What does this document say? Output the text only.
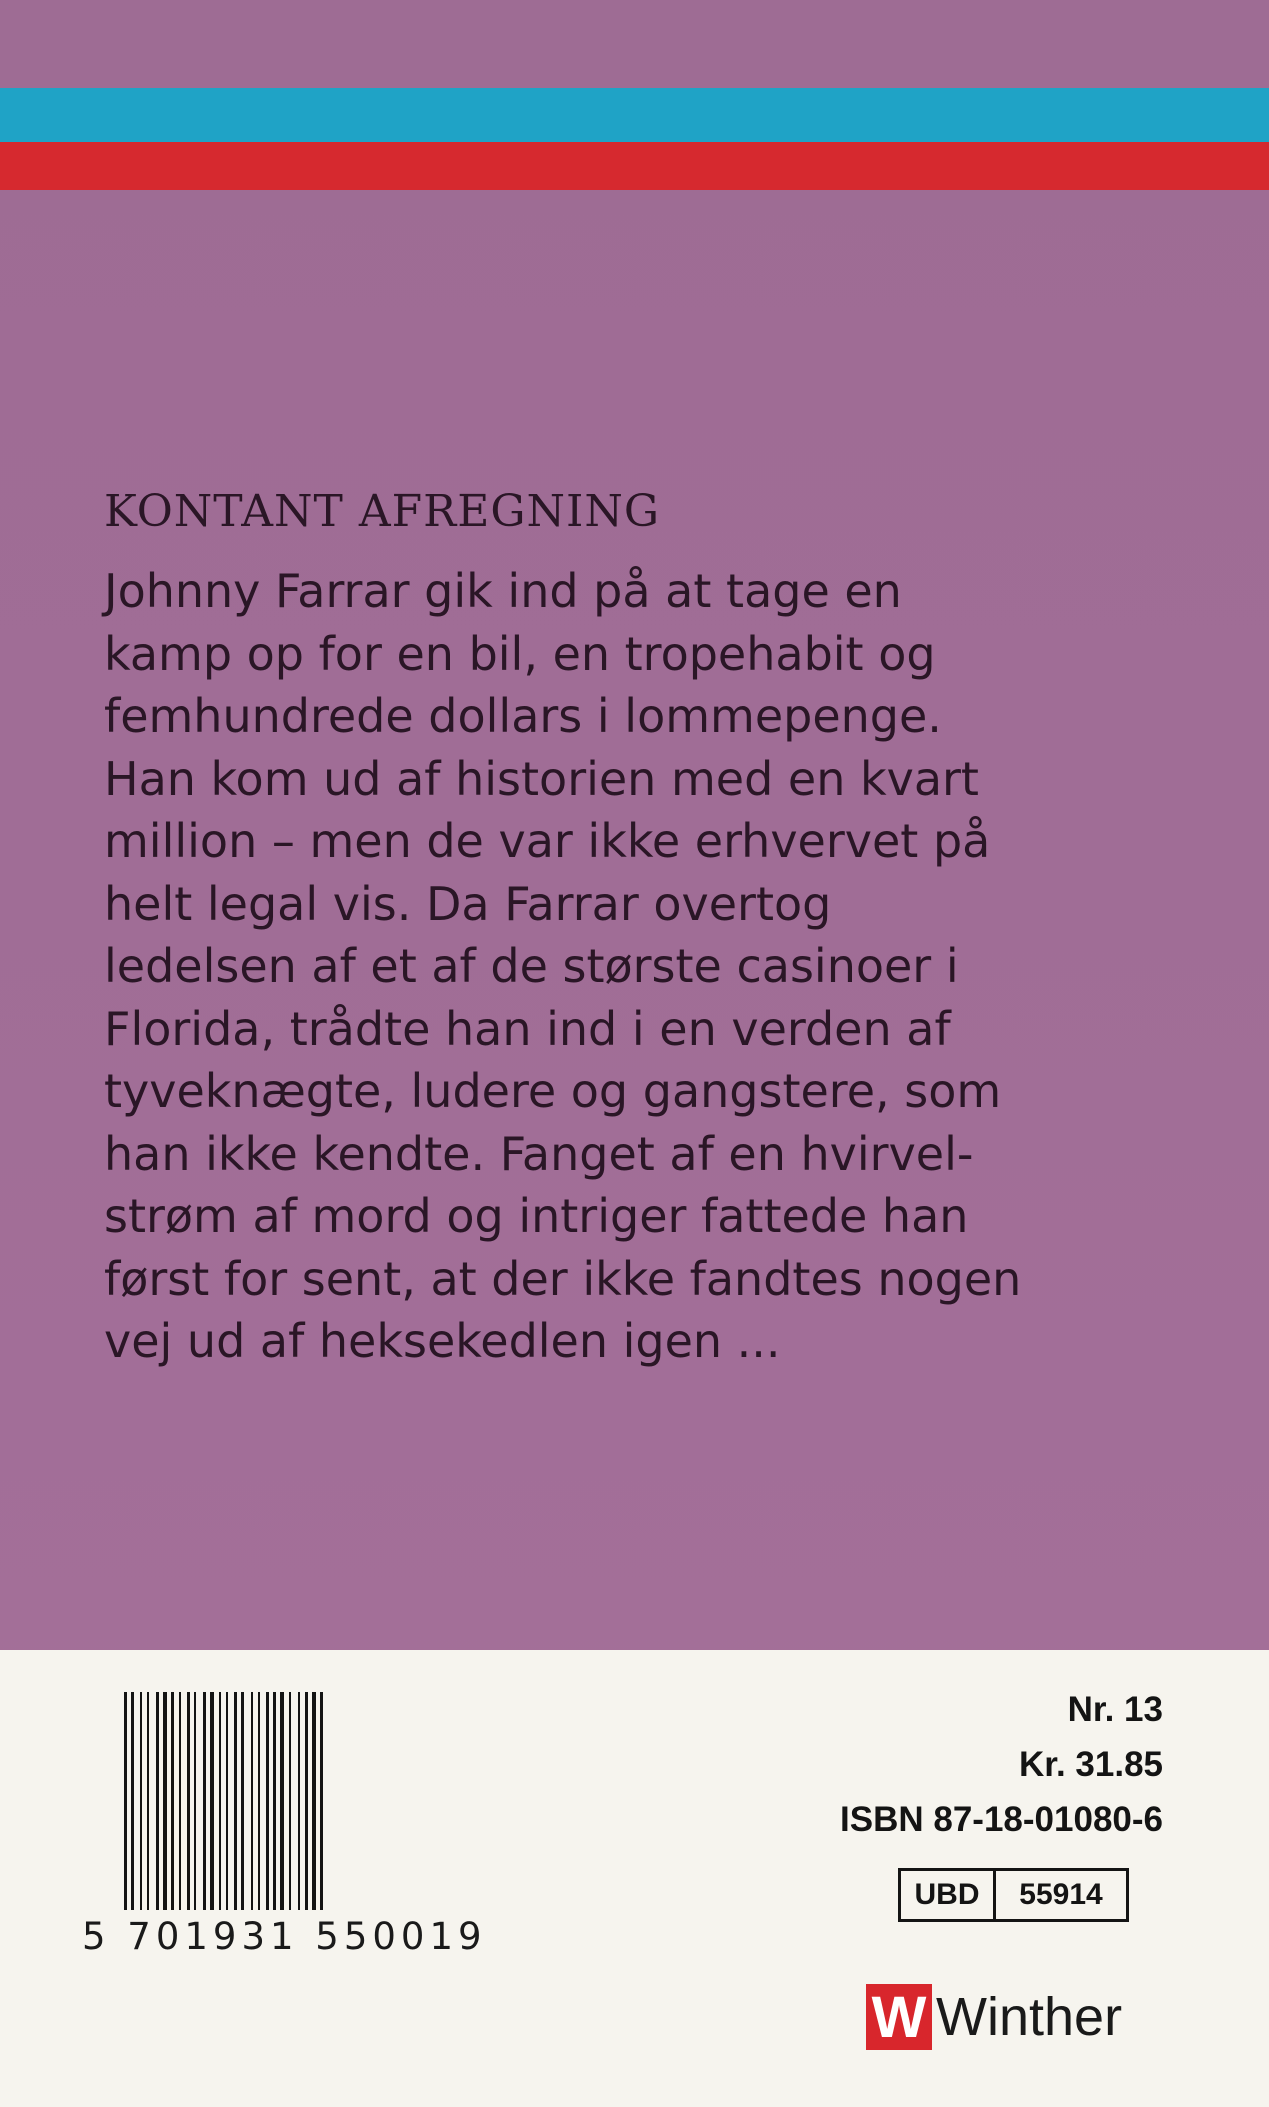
KONTANT AFREGNING
Johnny Farrar gik ind på at tage en
kamp op for en bil, en tropehabit og
femhundrede dollars i lommepenge.
Han kom ud af historien med en kvart
million – men de var ikke erhvervet på
helt legal vis. Da Farrar overtog
ledelsen af et af de største casinoer i
Florida, trådte han ind i en verden af
tyveknægte, ludere og gangstere, som
han ikke kendte. Fanget af en hvirvel-
strøm af mord og intriger fattede han
først for sent, at der ikke fandtes nogen
vej ud af heksekedlen igen ...
5 701931 550019
Nr. 13
Kr. 31.85
ISBN 87-18-01080-6
UBD	55914
W Winther
